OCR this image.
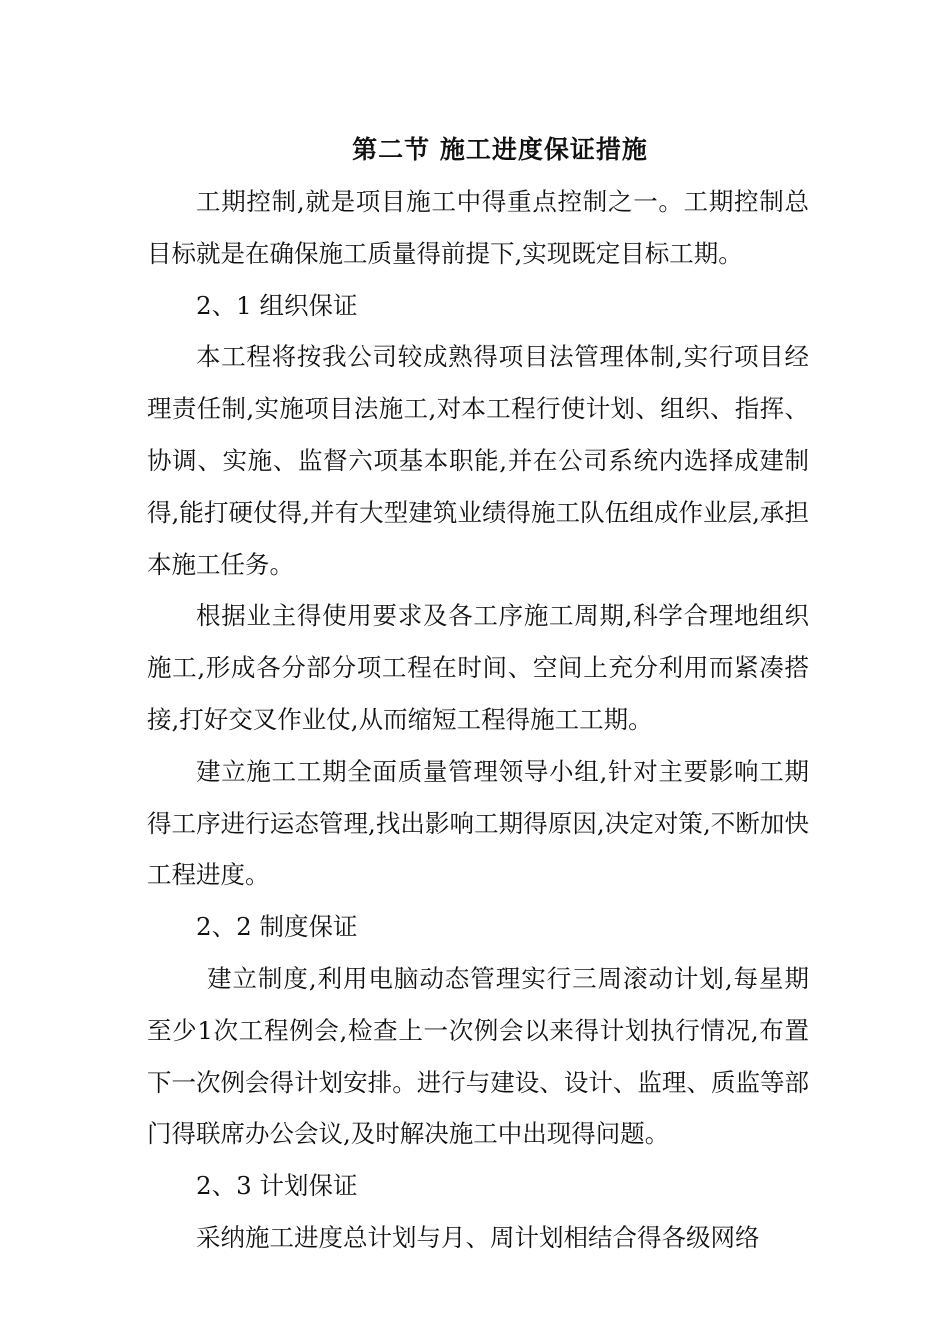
第二节 施工进度保证措施

工期控制,就是项目施工中得重点控制之一。工期控制总目标就是在确保施工质量得前提下,实现既定目标工期。

2、1 组织保证

本工程将按我公司较成熟得项目法管理体制,实行项目经理责任制,实施项目法施工,对本工程行使计划、组织、指挥、协调、实施、监督六项基本职能,并在公司系统内选择成建制得,能打硬仗得,并有大型建筑业绩得施工队伍组成作业层,承担本施工任务。

根据业主得使用要求及各工序施工周期,科学合理地组织施工,形成各分部分项工程在时间、空间上充分利用而紧凑搭接,打好交叉作业仗,从而缩短工程得施工工期。

建立施工工期全面质量管理领导小组,针对主要影响工期得工序进行运态管理,找出影响工期得原因,决定对策,不断加快工程进度。

2、2 制度保证

建立制度,利用电脑动态管理实行三周滚动计划,每星期至少1次工程例会,检查上一次例会以来得计划执行情况,布置下一次例会得计划安排。进行与建设、设计、监理、质监等部门得联席办公会议,及时解决施工中出现得问题。

2、3 计划保证

采纳施工进度总计划与月、周计划相结合得各级网络
